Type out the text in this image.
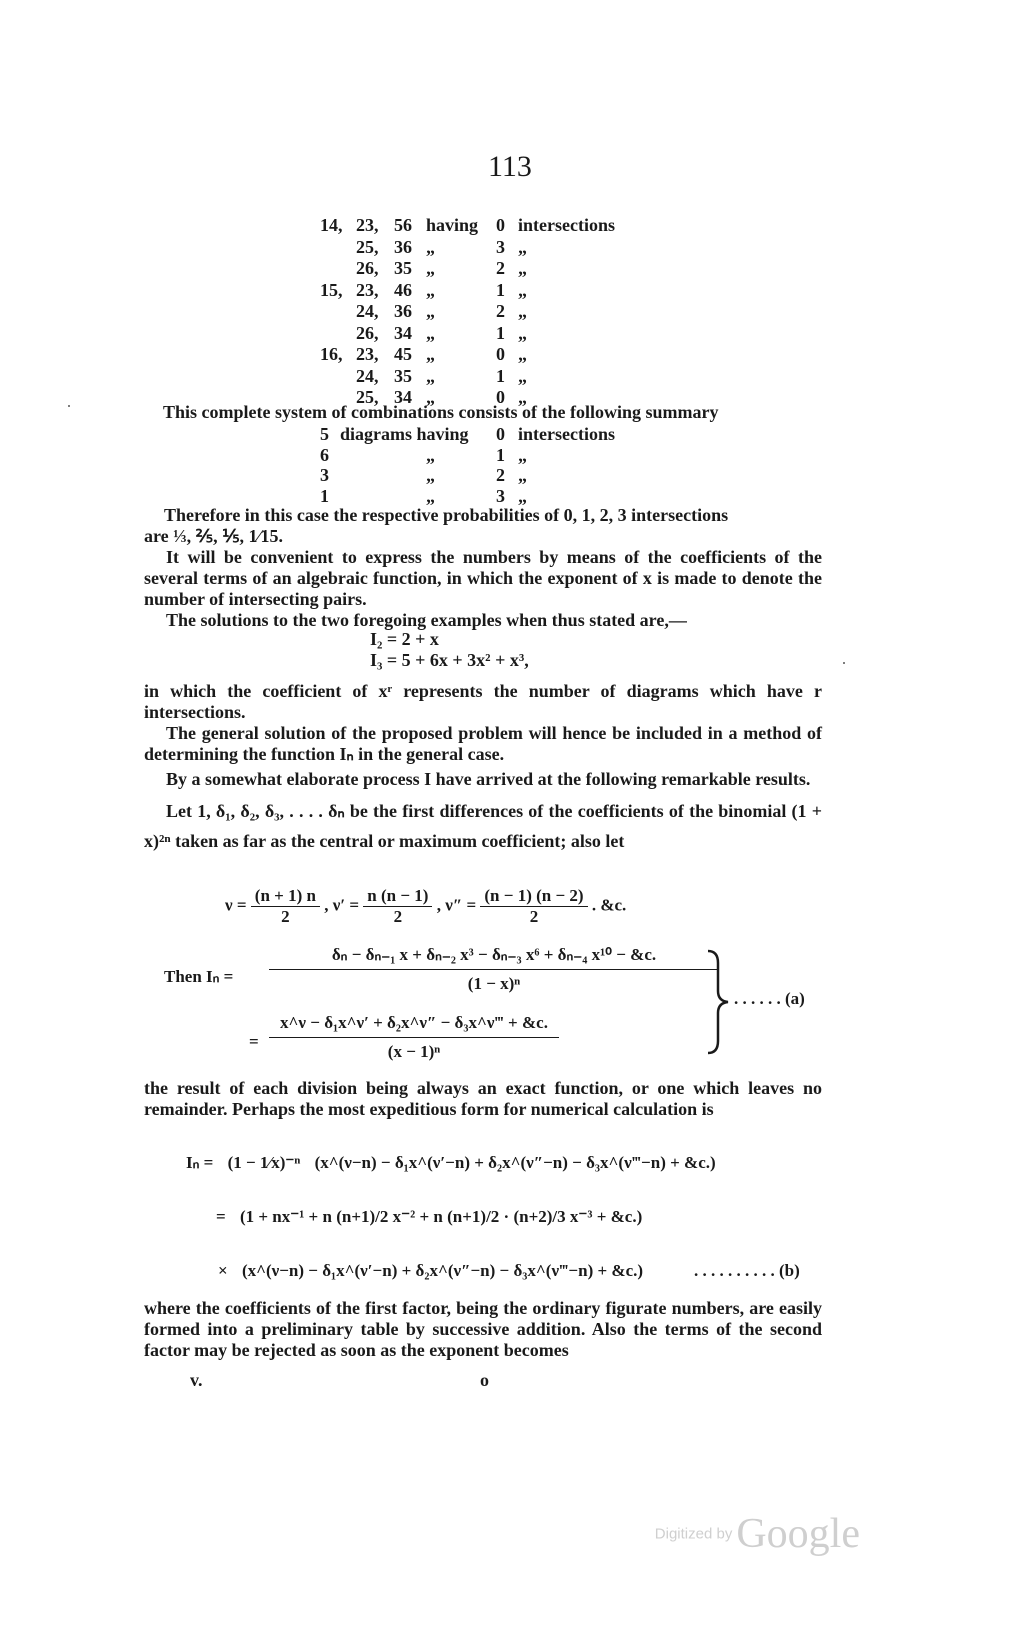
113
14, 23, 56 having 0 intersections
25, 36 „	3 „
26, 35 „	2 „
15, 23, 46 „	1 „
24, 36 „	2 „
26, 34 „	1 „
16, 23, 45 „	0 „
24, 35 „	1 „
25, 34 „	0 „
This complete system of combinations consists of the following summary
5 diagrams having 0 intersections
6	„	1 „
3	„	2 „
1	„	3 „

Therefore in this case the respective probabilities of 0, 1, 2, 3 intersections

are ⅓, ⅖, ⅕, 1⁄15.

It will be convenient to express the numbers by means of the coefficients of the several terms of an algebraic function, in which the exponent of x is made to denote the number of intersecting pairs.

The solutions to the two foregoing examples when thus stated are,—

I₂ = 2 + x
I₃ = 5 + 6x + 3x² + x³,

in which the coefficient of xʳ represents the number of diagrams which have r intersections.

The general solution of the proposed problem will hence be included in a method of determining the function Iₙ in the general case.

By a somewhat elaborate process I have arrived at the following remarkable results.

Let 1, δ₁, δ₂, δ₃, . . . . δₙ be the first differences of the coefficients of the binomial (1 + x)²ⁿ taken as far as the central or maximum coefficient; also let

$\nu = \frac{(n + 1) n}{2}$ , $\nu' = \frac{n (n - 1)}{2}$ , $\nu'' = \frac{(n - 1) (n - 2)}{2}$ . &c.
Then $I_n = \frac{\text{δₙ − δₙ₋₁ x + δₙ₋₂ x³ − δₙ₋₃ x⁶ + δₙ₋₄ x¹⁰ − \&c.}}{\text{(1 − x)ⁿ}}$
= $\frac{\text{x\textasciicircum{}ν − δ₁x\textasciicircum{}ν′ + δ₂x\textasciicircum{}ν″ − δ₃x\textasciicircum{}ν‴ + \&c.}}{\text{(x − 1)ⁿ}}$
. . . . . . (a)

the result of each division being always an exact function, or one which leaves no remainder. Perhaps the most expeditious form for numerical calculation is

Iₙ = (1 − 1⁄x)⁻ⁿ (x^(ν−n) − δ₁x^(ν′−n) + δ₂x^(ν″−n) − δ₃x^(ν‴−n) + &c.)
= (1 + nx⁻¹ + n (n+1)/2 x⁻² + n (n+1)/2 · (n+2)/3 x⁻³ + &c.)
× (x^(ν−n) − δ₁x^(ν′−n) + δ₂x^(ν″−n) − δ₃x^(ν‴−n) + &c.)	. . . . . . . . . . (b)

where the coefficients of the first factor, being the ordinary figurate numbers, are easily formed into a preliminary table by successive addition. Also the terms of the second factor may be rejected as soon as the exponent becomes

v.	o
Digitized by Google
